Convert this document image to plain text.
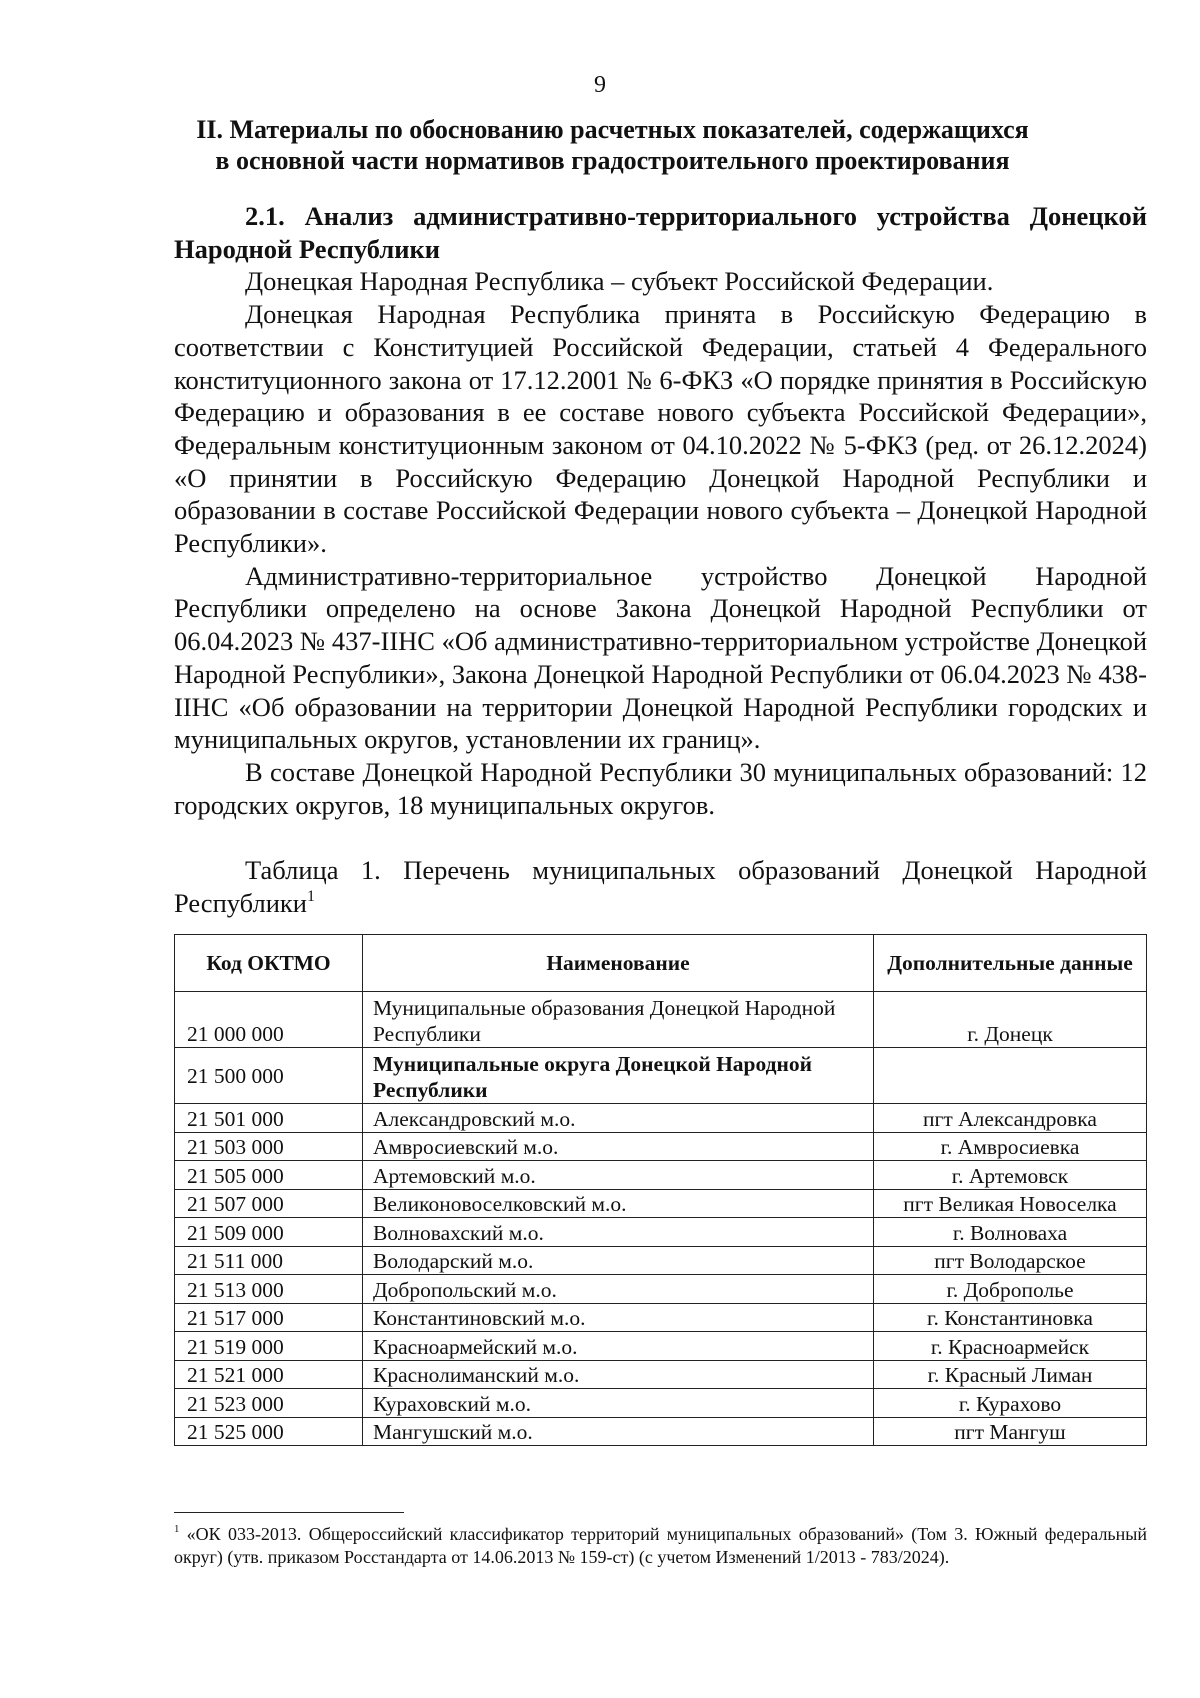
9
II. Материалы по обоснованию расчетных показателей, содержащихся
в основной части нормативов градостроительного проектирования

2.1. Анализ административно-территориального устройства Донецкой Народной Республики

Донецкая Народная Республика – субъект Российской Федерации.

Донецкая Народная Республика принята в Российскую Федерацию в соответствии с Конституцией Российской Федерации, статьей 4 Федерального конституционного закона от 17.12.2001 № 6-ФКЗ «О порядке принятия в Российскую Федерацию и образования в ее составе нового субъекта Российской Федерации», Федеральным конституционным законом от 04.10.2022 № 5-ФКЗ (ред. от 26.12.2024) «О принятии в Российскую Федерацию Донецкой Народной Республики и образовании в составе Российской Федерации нового субъекта – Донецкой Народной Республики».

Административно-территориальное устройство Донецкой Народной Республики определено на основе Закона Донецкой Народной Республики от 06.04.2023 № 437-IIНС «Об административно-территориальном устройстве Донецкой Народной Республики», Закона Донецкой Народной Республики от 06.04.2023 № 438-IIНС «Об образовании на территории Донецкой Народной Республики городских и муниципальных округов, установлении их границ».

В составе Донецкой Народной Республики 30 муниципальных образований: 12 городских округов, 18 муниципальных округов.

Таблица 1. Перечень муниципальных образований Донецкой Народной Республики$^1$

Код ОКТМО	Наименование	Дополнительные данные
21 000 000	Муниципальные образования Донецкой Народной Республики	г. Донецк
21 500 000	Муниципальные округа Донецкой Народной Республики	
21 501 000	Александровский м.о.	пгт Александровка
21 503 000	Амвросиевский м.о.	г. Амвросиевка
21 505 000	Артемовский м.о.	г. Артемовск
21 507 000	Великоновоселковский м.о.	пгт Великая Новоселка
21 509 000	Волновахский м.о.	г. Волноваха
21 511 000	Володарский м.о.	пгт Володарское
21 513 000	Добропольский м.о.	г. Доброполье
21 517 000	Константиновский м.о.	г. Константиновка
21 519 000	Красноармейский м.о.	г. Красноармейск
21 521 000	Краснолиманский м.о.	г. Красный Лиман
21 523 000	Кураховский м.о.	г. Курахово
21 525 000	Мангушский м.о.	пгт Мангуш
$^1$ «ОК 033-2013. Общероссийский классификатор территорий муниципальных образований» (Том 3. Южный федеральный округ) (утв. приказом Росстандарта от 14.06.2013 № 159-ст) (с учетом Изменений 1/2013 - 783/2024).
